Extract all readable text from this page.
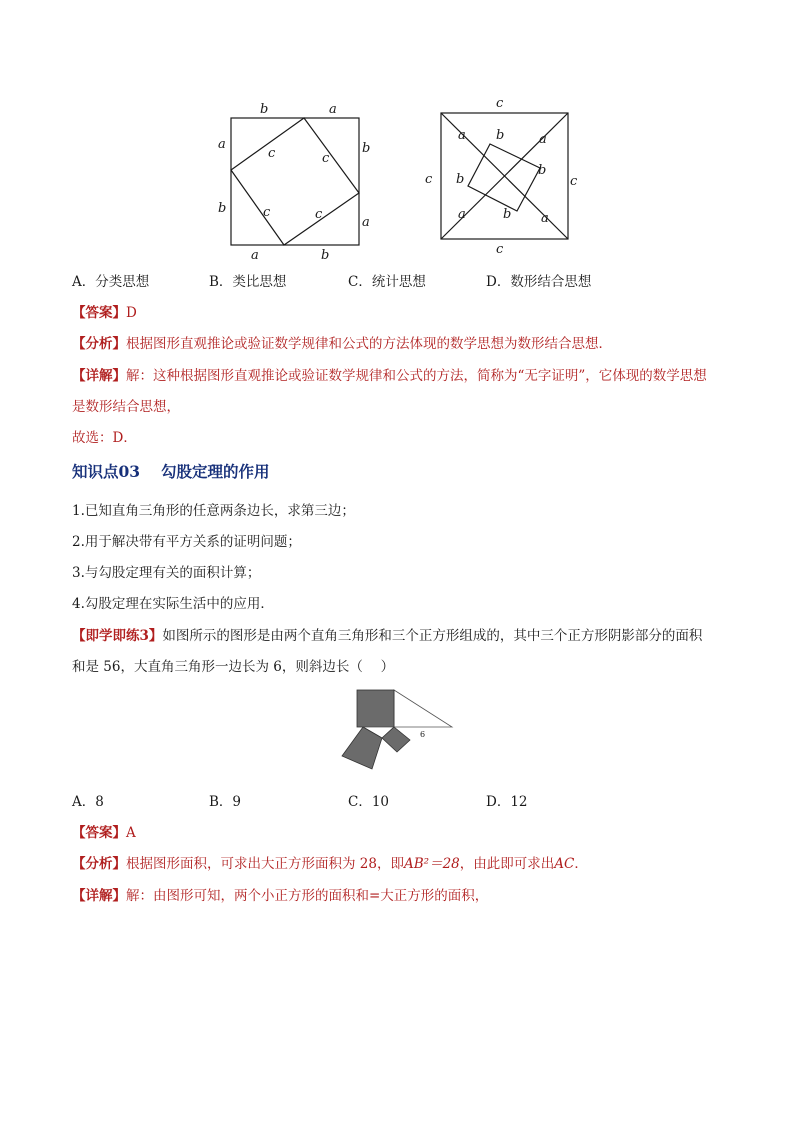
b	a
a
b
b
a
a	b
c	c
c	c
c
c	c
c
a	a
a	a
b
b
b
b
A．分类思想	B．类比思想	C．统计思想	D．数形结合思想
【答案】D
【分析】根据图形直观推论或验证数学规律和公式的方法体现的数学思想为数形结合思想．
【详解】解：这种根据图形直观推论或验证数学规律和公式的方法，简称为“无字证明”，它体现的数学思想
是数形结合思想，
故选：D．
知识点03　 勾股定理的作用
1.已知直角三角形的任意两条边长，求第三边；
2.用于解决带有平方关系的证明问题；
3.与勾股定理有关的面积计算；
4.勾股定理在实际生活中的应用．
【即学即练3】如图所示的图形是由两个直角三角形和三个正方形组成的，其中三个正方形阴影部分的面积
和是 56，大直角三角形一边长为 6，则斜边长（　 ）
6
A．8	B．9	C．10	D．12
【答案】A
【分析】根据图形面积，可求出大正方形面积为 28，即AB²＝28，由此即可求出AC．
【详解】解：由图形可知，两个小正方形的面积和=大正方形的面积，
